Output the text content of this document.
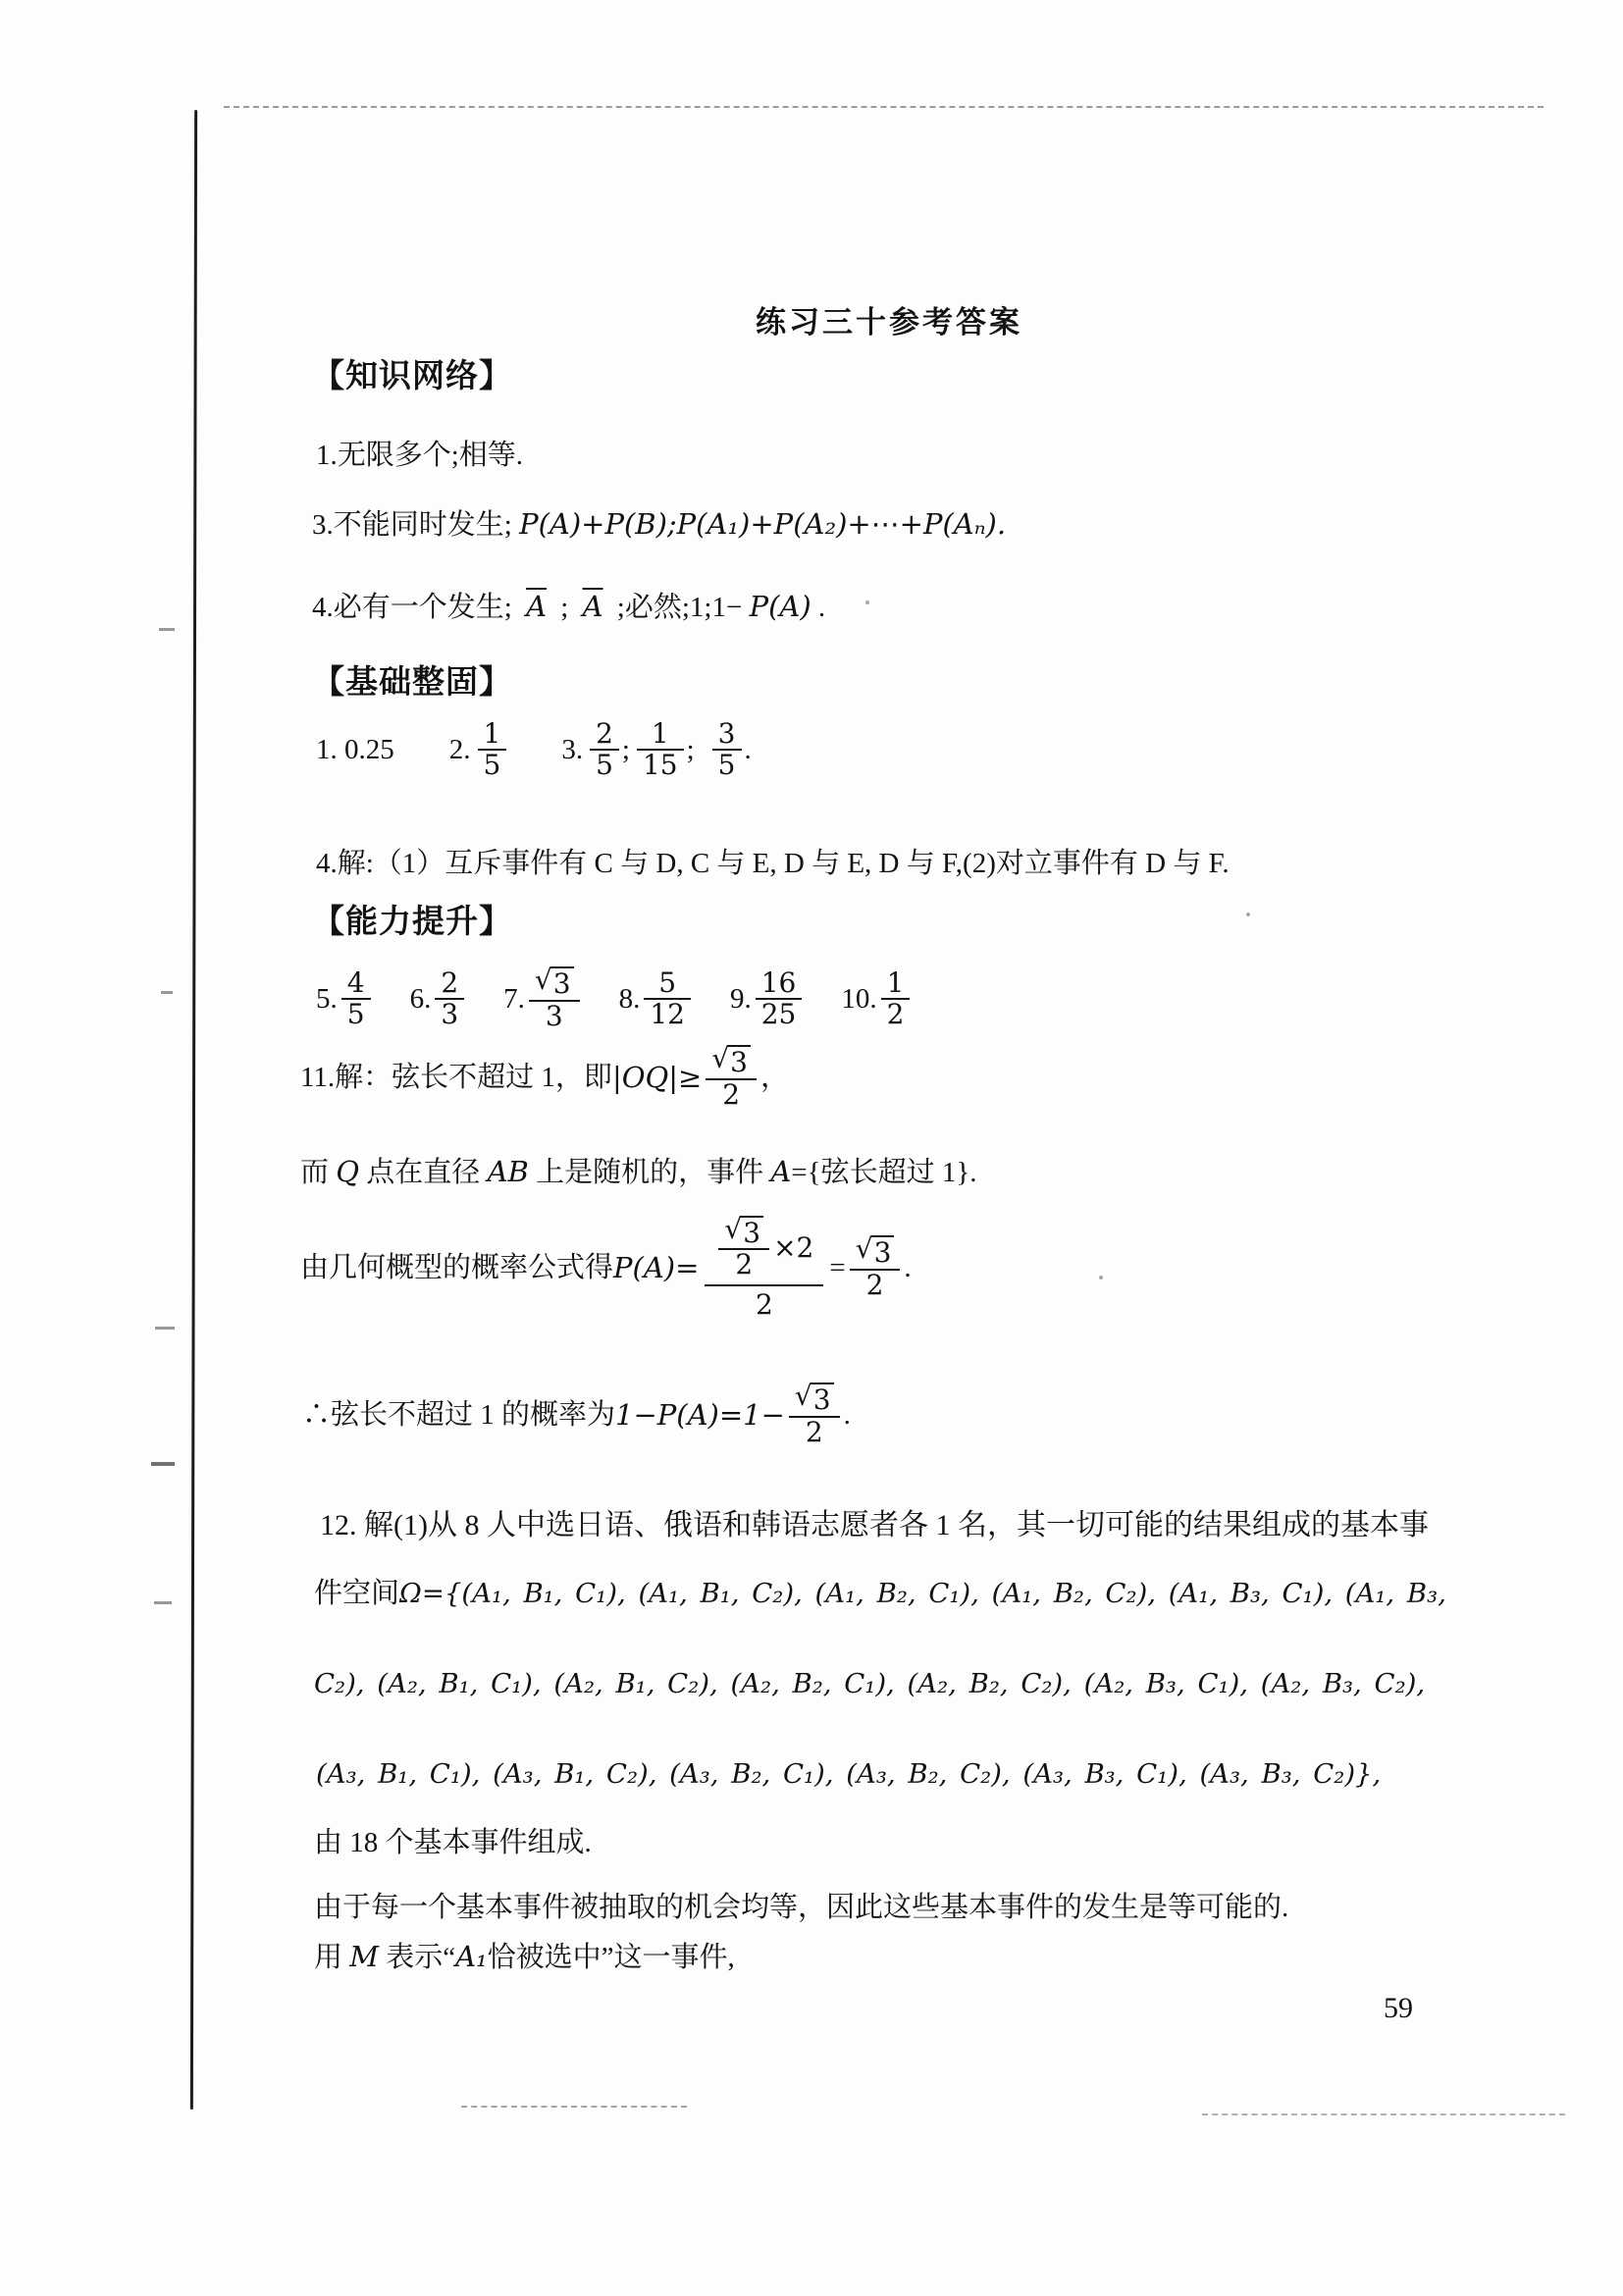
练习三十参考答案
【知识网络】
1.无限多个;相等.
3.不能同时发生; P(A)+P(B);P(A₁)+P(A₂)+⋯+P(Aₙ).
4.必有一个发生; $\overline{A}$ ; $\overline{A}$ ;必然;1;1− P(A) .
【基础整固】
1. 0.25 2. $\frac{1}{5} 3$. $\frac{2}{5}$ ; $\frac{1}{15}$ ; $\frac{3}{5}$ .
4.解:（1）互斥事件有 C 与 D, C 与 E, D 与 E, D 与 F,(2)对立事件有 D 与 F.
【能力提升】
5. $\frac{4}{5} 6$. $\frac{2}{3} 7$. $\frac{√ 3}{3} 8$. $\frac{5}{12} 9$. $\frac{16}{25} 10$. $\frac{1}{2}$
11.解：弦长不超过 1，即 $|OQ|\ge \frac{√ 3}{2}$ ，
而 Q 点在直径 AB 上是随机的，事件 A={弦长超过 1}.
由几何概型的概率公式得 $P(A)= \frac{\frac{√ 3}{2} \times 2}{2} = \frac{√ 3}{2}$ .
∴弦长不超过 1 的概率为 $1-P(A)=1- \frac{√ 3}{2}$ .
12. 解(1)从 8 人中选日语、俄语和韩语志愿者各 1 名，其一切可能的结果组成的基本事
件空间Ω={(A₁, B₁, C₁), (A₁, B₁, C₂), (A₁, B₂, C₁), (A₁, B₂, C₂), (A₁, B₃, C₁), (A₁, B₃,
C₂), (A₂, B₁, C₁), (A₂, B₁, C₂), (A₂, B₂, C₁), (A₂, B₂, C₂), (A₂, B₃, C₁), (A₂, B₃, C₂),
(A₃, B₁, C₁), (A₃, B₁, C₂), (A₃, B₂, C₁), (A₃, B₂, C₂), (A₃, B₃, C₁), (A₃, B₃, C₂)},
由 18 个基本事件组成.
由于每一个基本事件被抽取的机会均等，因此这些基本事件的发生是等可能的.
用 M 表示“A₁恰被选中”这一事件,
59
